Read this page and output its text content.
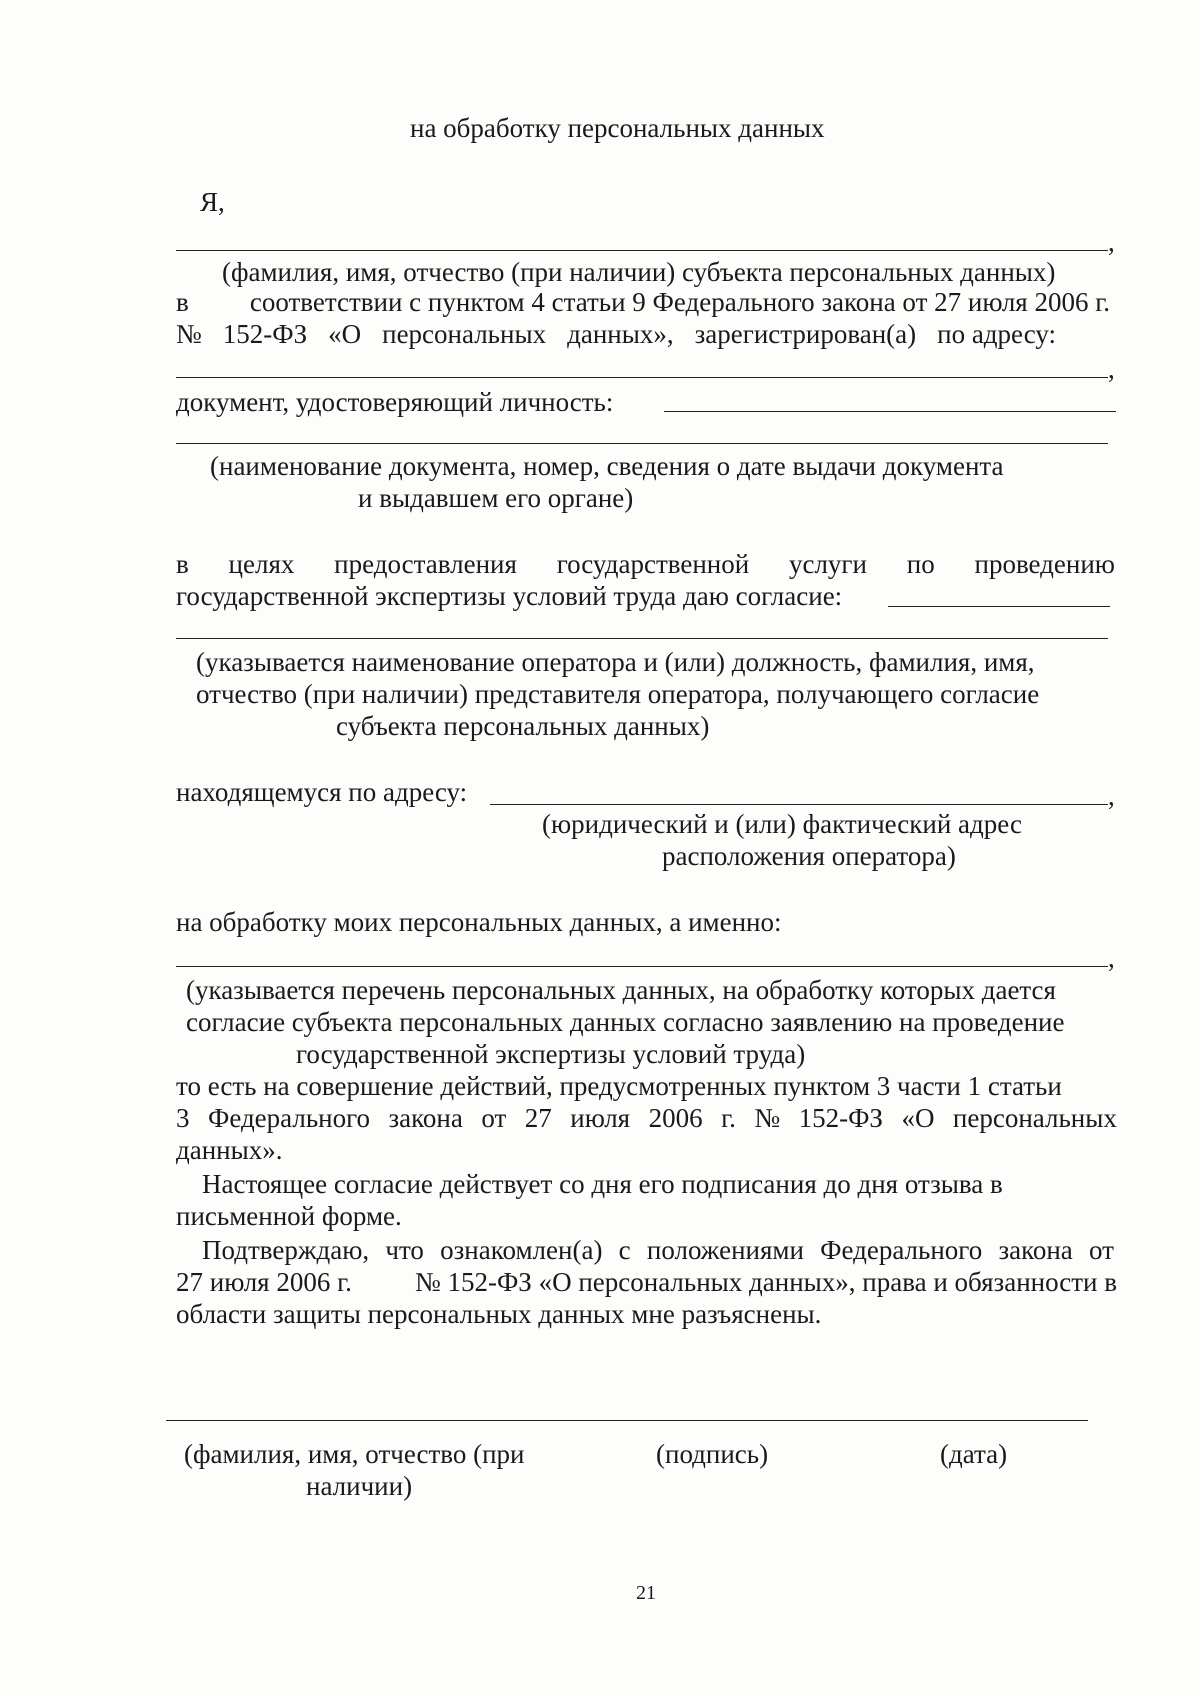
на обработку персональных данных
Я,
,
(фамилия, имя, отчество (при наличии) субъекта персональных данных)
в соответствии с пунктом 4 статьи 9 Федерального закона от 27 июля 2006 г.
№ 152-ФЗ «О персональных данных», зарегистрирован(а) по адресу:
,
документ, удостоверяющий личность:
(наименование документа, номер, сведения о дате выдачи документа
и выдавшем его органе)
в целях предоставления государственной услуги по проведению
государственной экспертизы условий труда даю согласие:
(указывается наименование оператора и (или) должность, фамилия, имя,
отчество (при наличии) представителя оператора, получающего согласие
субъекта персональных данных)
находящемуся по адресу:	,
(юридический и (или) фактический адрес
расположения оператора)
на обработку моих персональных данных, а именно:
,
(указывается перечень персональных данных, на обработку которых дается
согласие субъекта персональных данных согласно заявлению на проведение
государственной экспертизы условий труда)
то есть на совершение действий, предусмотренных пунктом 3 части 1 статьи
3 Федерального закона от 27 июля 2006 г. № 152-ФЗ «О персональных
данных».
Настоящее согласие действует со дня его подписания до дня отзыва в
письменной форме.
Подтверждаю, что ознакомлен(а) с положениями Федерального закона от
27 июля 2006 г. № 152-ФЗ «О персональных данных», права и обязанности в
области защиты персональных данных мне разъяснены.
(фамилия, имя, отчество (при
наличии)
(подпись)	(дата)
21
